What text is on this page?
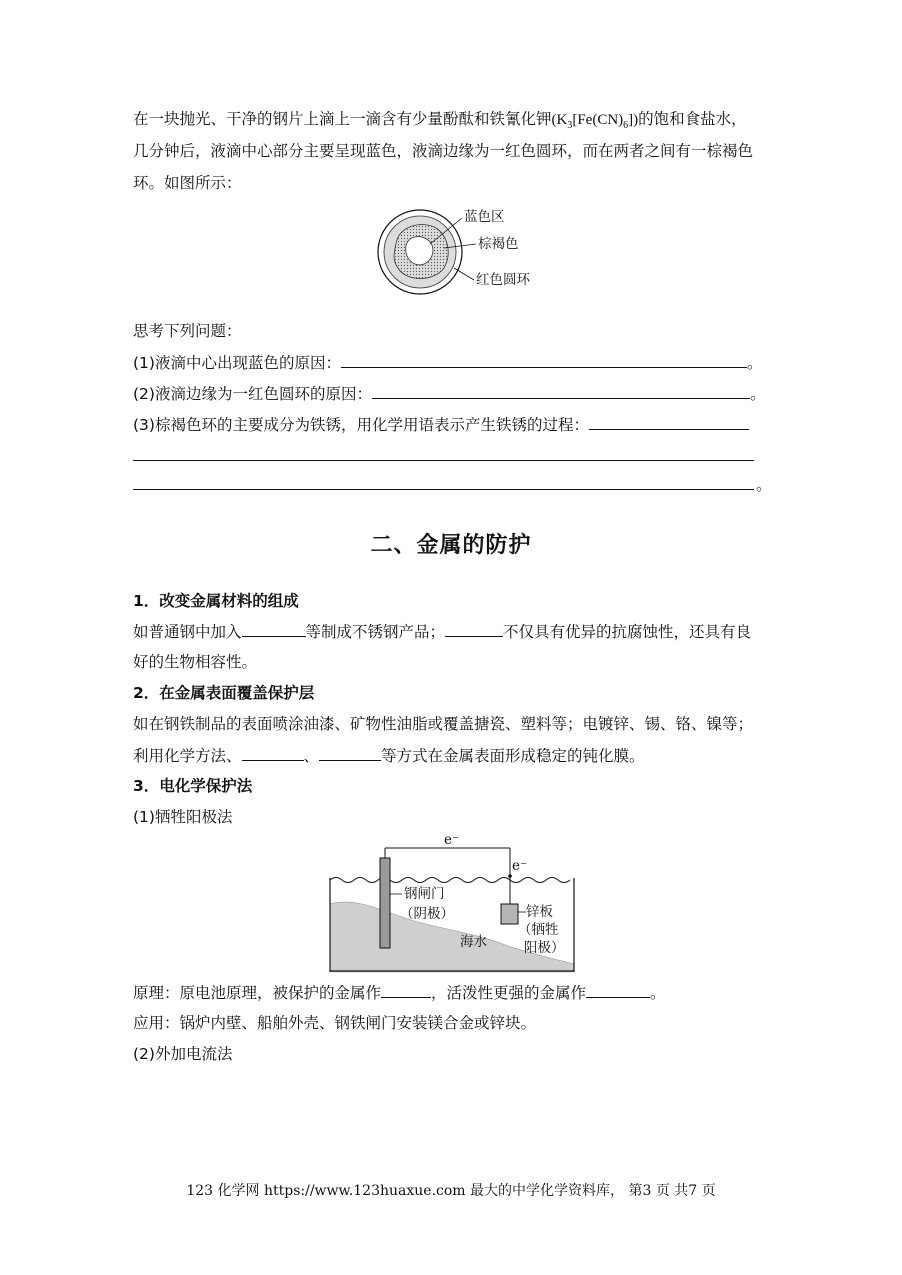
在一块抛光、干净的钢片上滴上一滴含有少量酚酞和铁氰化钾$(K_3[Fe(CN)_6])$的饱和食盐水，
几分钟后，液滴中心部分主要呈现蓝色，液滴边缘为一红色圆环，而在两者之间有一棕褐色
环。如图所示：
蓝色区
棕褐色
红色圆环
思考下列问题：
(1)液滴中心出现蓝色的原因：	。
(2)液滴边缘为一红色圆环的原因：	。
(3)棕褐色环的主要成分为铁锈，用化学用语表示产生铁锈的过程：
。
二、金属的防护
1．改变金属材料的组成
如普通钢中加入	等制成不锈钢产品；	不仅具有优异的抗腐蚀性，还具有良
好的生物相容性。
2．在金属表面覆盖保护层
如在钢铁制品的表面喷涂油漆、矿物性油脂或覆盖搪瓷、塑料等；电镀锌、锡、铬、镍等；
利用化学方法、	、	等方式在金属表面形成稳定的钝化膜。
3．电化学保护法
(1)牺牲阳极法
e⁻
e⁻
钢闸门
（阴极）	锌板
（牺牲
阳极）
海水
原理：原电池原理，被保护的金属作	，活泼性更强的金属作	。
应用：锅炉内壁、船舶外壳、钢铁闸门安装镁合金或锌块。
(2)外加电流法
123 化学网 https://www.123huaxue.com 最大的中学化学资料库， 第3 页 共7 页
